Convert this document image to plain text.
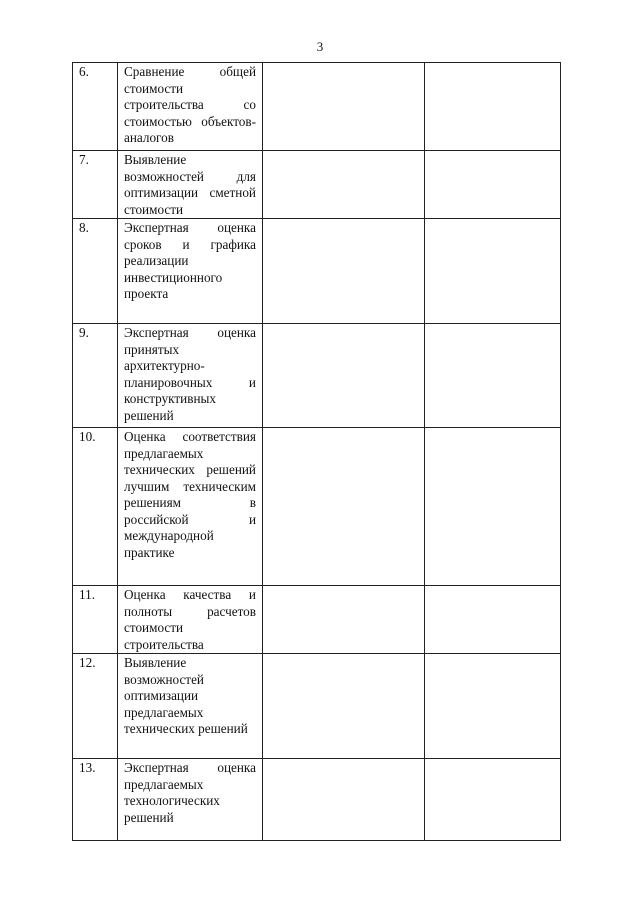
3
6.	Сравнение общей стоимости строительства со стоимостью объектов-аналогов		

7.	Выявление возможностей для оптимизации сметной стоимости		

8.	Экспертная оценка сроков и графика реализации инвестиционного проекта		

9.	Экспертная оценка принятых архитектурно-планировочных и конструктивных решений		

10.	Оценка соответствия предлагаемых технических решений лучшим техническим решениям в российской и международной практике		

11.	Оценка качества и полноты расчетов стоимости строительства		

12.	Выявление возможностей оптимизации предлагаемых технических решений		

13.	Экспертная оценка предлагаемых технологических решений		
